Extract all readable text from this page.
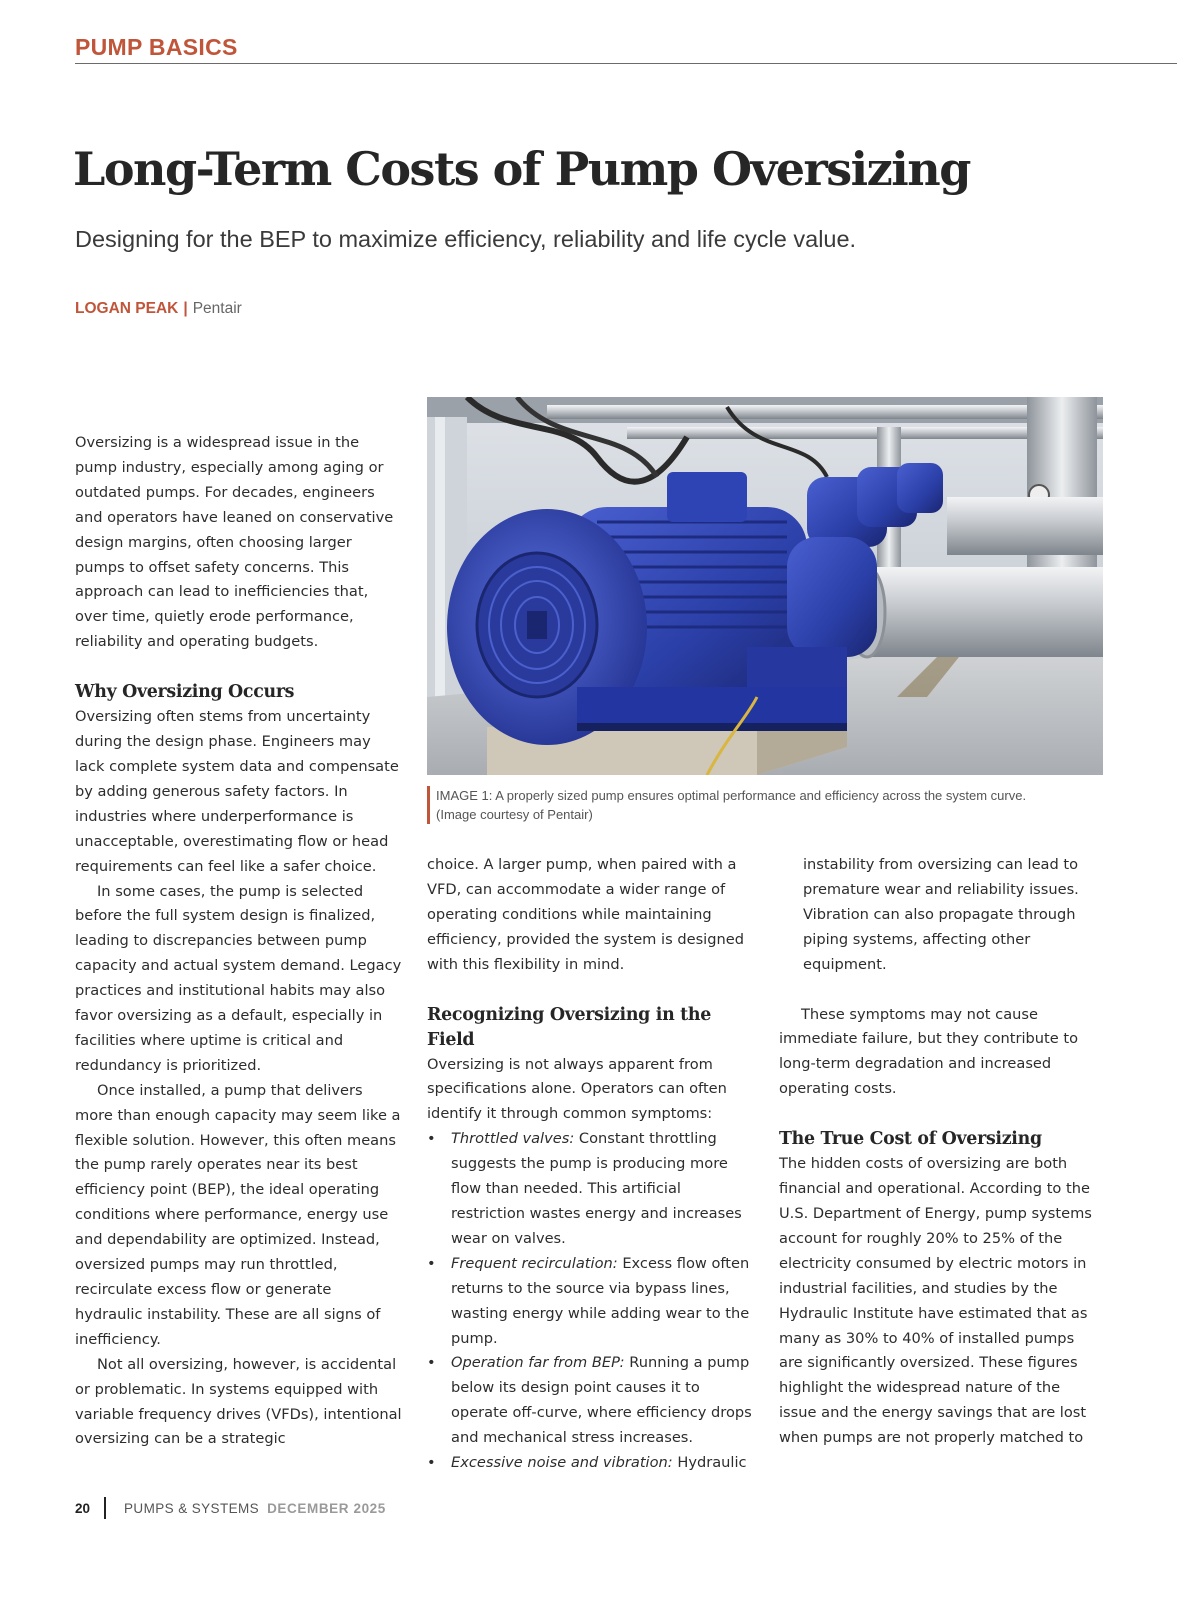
PUMP BASICS
Long-Term Costs of Pump Oversizing
Designing for the BEP to maximize efficiency, reliability and life cycle value.
LOGAN PEAK | Pentair
IMAGE 1: A properly sized pump ensures optimal performance and efficiency across the system curve.
(Image courtesy of Pentair)

Oversizing is a widespread issue in the pump industry, especially among aging or outdated pumps. For decades, engineers and operators have leaned on conservative design margins, often choosing larger pumps to offset safety concerns. This approach can lead to inefficiencies that, over time, quietly erode performance, reliability and operating budgets.

Why Oversizing Occurs

Oversizing often stems from uncertainty during the design phase. Engineers may lack complete system data and compensate by adding generous safety factors. In industries where underperformance is unacceptable, overestimating flow or head requirements can feel like a safer choice.

In some cases, the pump is selected before the full system design is finalized, leading to discrepancies between pump capacity and actual system demand. Legacy practices and institutional habits may also favor oversizing as a default, especially in facilities where uptime is critical and redundancy is prioritized.

Once installed, a pump that delivers more than enough capacity may seem like a flexible solution. However, this often means the pump rarely operates near its best efficiency point (BEP), the ideal operating conditions where performance, energy use and dependability are optimized. Instead, oversized pumps may run throttled, recirculate excess flow or generate hydraulic instability. These are all signs of inefficiency.

Not all oversizing, however, is accidental or problematic. In systems equipped with variable frequency drives (VFDs), intentional oversizing can be a strategic

choice. A larger pump, when paired with a VFD, can accommodate a wider range of operating conditions while maintaining efficiency, provided the system is designed with this flexibility in mind.

Recognizing Oversizing in the Field

Oversizing is not always apparent from specifications alone. Operators can often identify it through common symptoms:

• Throttled valves: Constant throttling suggests the pump is producing more flow than needed. This artificial restriction wastes energy and increases wear on valves.
• Frequent recirculation: Excess flow often returns to the source via bypass lines, wasting energy while adding wear to the pump.
• Operation far from BEP: Running a pump below its design point causes it to operate off-curve, where efficiency drops and mechanical stress increases.
• Excessive noise and vibration: Hydraulic

instability from oversizing can lead to premature wear and reliability issues. Vibration can also propagate through piping systems, affecting other equipment.

These symptoms may not cause immediate failure, but they contribute to long-term degradation and increased operating costs.

The True Cost of Oversizing

The hidden costs of oversizing are both financial and operational. According to the U.S. Department of Energy, pump systems account for roughly 20% to 25% of the electricity consumed by electric motors in industrial facilities, and studies by the Hydraulic Institute have estimated that as many as 30% to 40% of installed pumps are significantly oversized. These figures highlight the widespread nature of the issue and the energy savings that are lost when pumps are not properly matched to

20	PUMPS & SYSTEMS DECEMBER 2025
